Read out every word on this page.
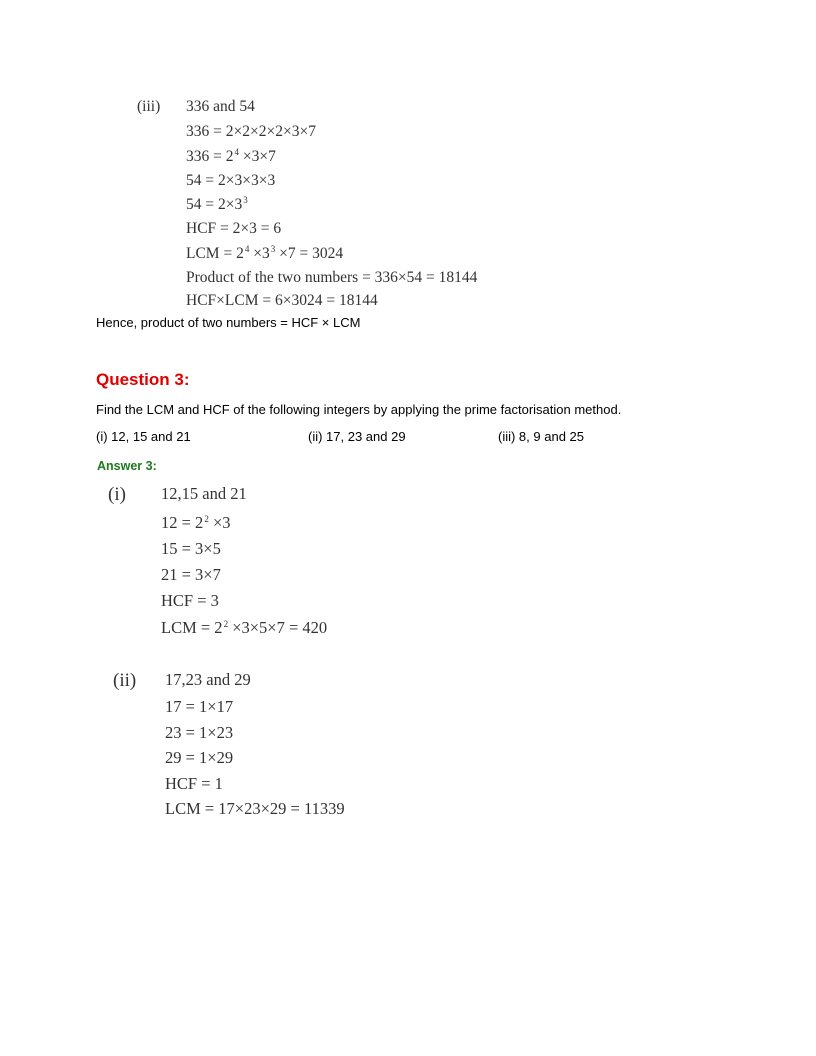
(iii) 336 and 54
336 = 2×2×2×2×3×7
$336 = 2^4 \times 3\times 7$
54 = 2×3×3×3
$54 = 2\times 3^3$
HCF = 2×3 = 6
LCM = $2^4 \times 3^3 \times 7 = 3024$
Product of the two numbers = 336×54 = 18144
HCF×LCM = 6×3024 = 18144
Hence, product of two numbers = HCF × LCM
Question 3:
Find the LCM and HCF of the following integers by applying the prime factorisation method.
(i) 12, 15 and 21	(ii) 17, 23 and 29	(iii) 8, 9 and 25
Answer 3:
(i) 12,15 and 21
$12 = 2^2 \times 3$
15 = 3×5
21 = 3×7
HCF = 3
LCM = $2^2 \times 3\times 5\times 7 = 420$
(ii) 17,23 and 29
17 = 1×17
23 = 1×23
29 = 1×29
HCF = 1
LCM = 17×23×29 = 11339
